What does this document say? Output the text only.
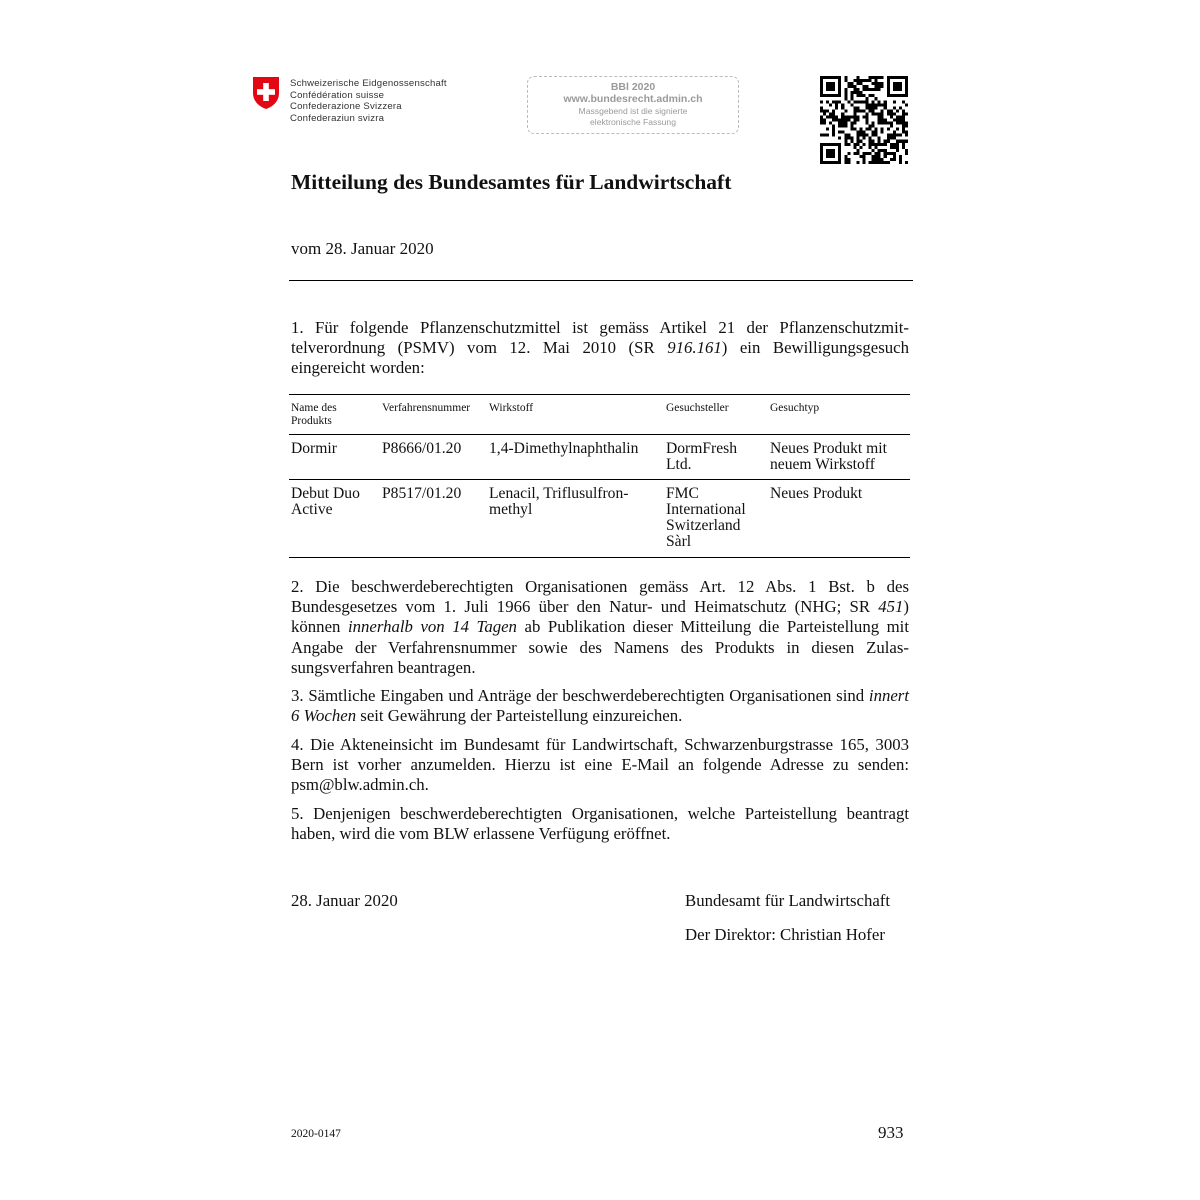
Schweizerische Eidgenossenschaft
Confédération suisse
Confederazione Svizzera
Confederaziun svizra
BBl 2020
www.bundesrecht.admin.ch
Massgebend ist die signierte
elektronische Fassung
Mitteilung des Bundesamtes für Landwirtschaft
vom 28. Januar 2020
1. Für folgende Pflanzenschutzmittel ist gemäss Artikel 21 der Pflanzenschutzmittelverordnung (PSMV) vom 12. Mai 2010 (SR 916.161) ein Bewilligungsgesuch eingereicht worden:
Name des Produkts	Verfahrensnummer	Wirkstoff	Gesuchsteller	Gesuchtyp
Dormir	P8666/01.20	1,4-Dimethylnaphthalin	DormFresh Ltd.	Neues Produkt mit neuem Wirkstoff
Debut Duo Active	P8517/01.20	Lenacil, Triflusulfron-methyl	FMC International Switzerland Sàrl	Neues Produkt
2. Die beschwerdeberechtigten Organisationen gemäss Art. 12 Abs. 1 Bst. b des Bundesgesetzes vom 1. Juli 1966 über den Natur- und Heimatschutz (NHG; SR 451) können innerhalb von 14 Tagen ab Publikation dieser Mitteilung die Parteistellung mit Angabe der Verfahrensnummer sowie des Namens des Produkts in diesen Zulassungsverfahren beantragen.
3. Sämtliche Eingaben und Anträge der beschwerdeberechtigten Organisationen sind innert 6 Wochen seit Gewährung der Parteistellung einzureichen.
4. Die Akteneinsicht im Bundesamt für Landwirtschaft, Schwarzenburgstrasse 165, 3003 Bern ist vorher anzumelden. Hierzu ist eine E-Mail an folgende Adresse zu senden: psm@blw.admin.ch.
5. Denjenigen beschwerdeberechtigten Organisationen, welche Parteistellung beantragt haben, wird die vom BLW erlassene Verfügung eröffnet.
28. Januar 2020	Bundesamt für Landwirtschaft
Der Direktor: Christian Hofer
2020-0147	933
